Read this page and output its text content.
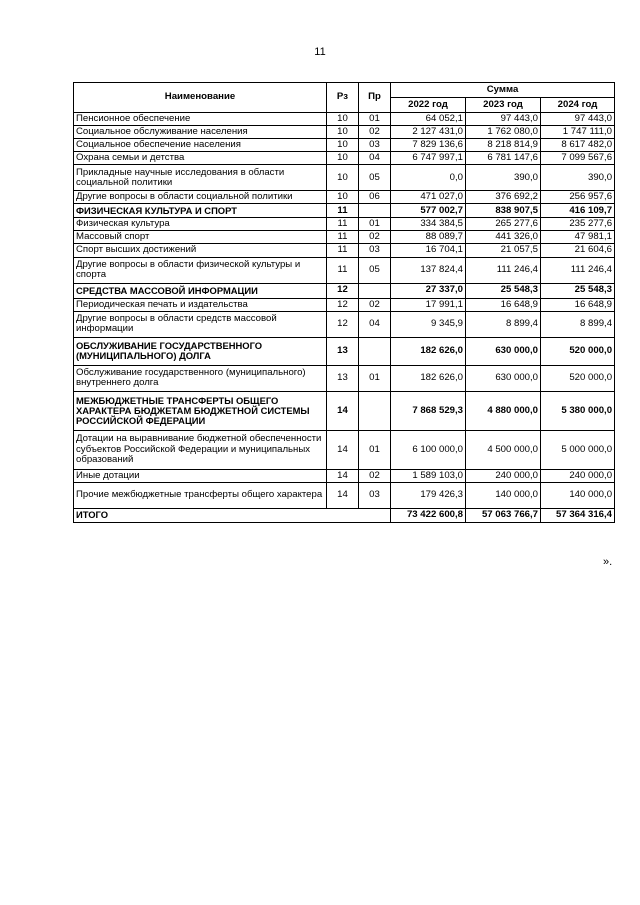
11
Наименование	Рз	Пр	Сумма		
			2022 год	2023 год	2024 год
Пенсионное обеспечение	10	01	64 052,1	97 443,0	97 443,0
Социальное обслуживание населения	10	02	2 127 431,0	1 762 080,0	1 747 111,0
Социальное обеспечение населения	10	03	7 829 136,6	8 218 814,9	8 617 482,0
Охрана семьи и детства	10	04	6 747 997,1	6 781 147,6	7 099 567,6
Прикладные научные исследования в области социальной политики	10	05	0,0	390,0	390,0
Другие вопросы в области социальной политики	10	06	471 027,0	376 692,2	256 957,6
ФИЗИЧЕСКАЯ КУЛЬТУРА И СПОРТ	11		577 002,7	838 907,5	416 109,7
Физическая культура	11	01	334 384,5	265 277,6	235 277,6
Массовый спорт	11	02	88 089,7	441 326,0	47 981,1
Спорт высших достижений	11	03	16 704,1	21 057,5	21 604,6
Другие вопросы в области физической культуры и спорта	11	05	137 824,4	111 246,4	111 246,4
СРЕДСТВА МАССОВОЙ ИНФОРМАЦИИ	12		27 337,0	25 548,3	25 548,3
Периодическая печать и издательства	12	02	17 991,1	16 648,9	16 648,9
Другие вопросы в области средств массовой информации	12	04	9 345,9	8 899,4	8 899,4
ОБСЛУЖИВАНИЕ ГОСУДАРСТВЕННОГО (МУНИЦИПАЛЬНОГО) ДОЛГА	13		182 626,0	630 000,0	520 000,0
Обслуживание государственного (муниципального) внутреннего долга	13	01	182 626,0	630 000,0	520 000,0
МЕЖБЮДЖЕТНЫЕ ТРАНСФЕРТЫ ОБЩЕГО ХАРАКТЕРА БЮДЖЕТАМ БЮДЖЕТНОЙ СИСТЕМЫ РОССИЙСКОЙ ФЕДЕРАЦИИ	14		7 868 529,3	4 880 000,0	5 380 000,0
Дотации на выравнивание бюджетной обеспеченности субъектов Российской Федерации и муниципальных образований	14	01	6 100 000,0	4 500 000,0	5 000 000,0
Иные дотации	14	02	1 589 103,0	240 000,0	240 000,0
Прочие межбюджетные трансферты общего характера	14	03	179 426,3	140 000,0	140 000,0
ИТОГО			73 422 600,8	57 063 766,7	57 364 316,4
».
